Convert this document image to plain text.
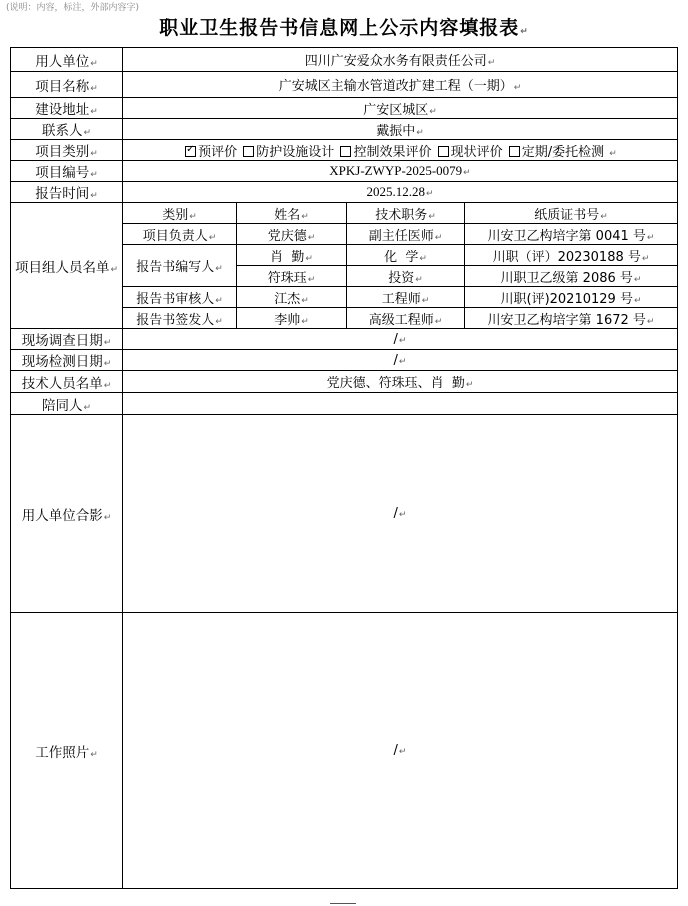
(说明：内容，标注，外部内容字)
职业卫生报告书信息网上公示内容填报表↵
用人单位↵	四川广安爱众水务有限责任公司↵			
项目名称↵	广安城区主输水管道改扩建工程（一期）↵			
建设地址↵	广安区城区↵			
联系人↵	戴振中↵			
项目类别↵	✓预评价 防护设施设计 控制效果评价 现状评价 定期/委托检测 ↵
项目编号↵	XPKJ-ZWYP-2025-0079↵			
报告时间↵	2025.12.28↵			
项目组人员名单↵	类别↵	姓名↵	技术职务↵	纸质证书号↵
	项目负责人↵	党庆德↵	副主任医师↵	川安卫乙构培字第 0041 号↵
	报告书编写人↵	肖  勤↵	化  学↵	川职（评）20230188 号↵
		符珠珏↵	投资↵	川职卫乙级第 2086 号↵
	报告书审核人↵	江杰↵	工程师↵	川职(评)20210129 号↵
	报告书签发人↵	李帅↵	高级工程师↵	川安卫乙构培字第 1672 号↵
现场调查日期↵	/↵			
现场检测日期↵	/↵			
技术人员名单↵	党庆德、符珠珏、肖  勤↵			
陪同人↵				
用人单位合影↵	/↵			
工作照片↵	/↵			
